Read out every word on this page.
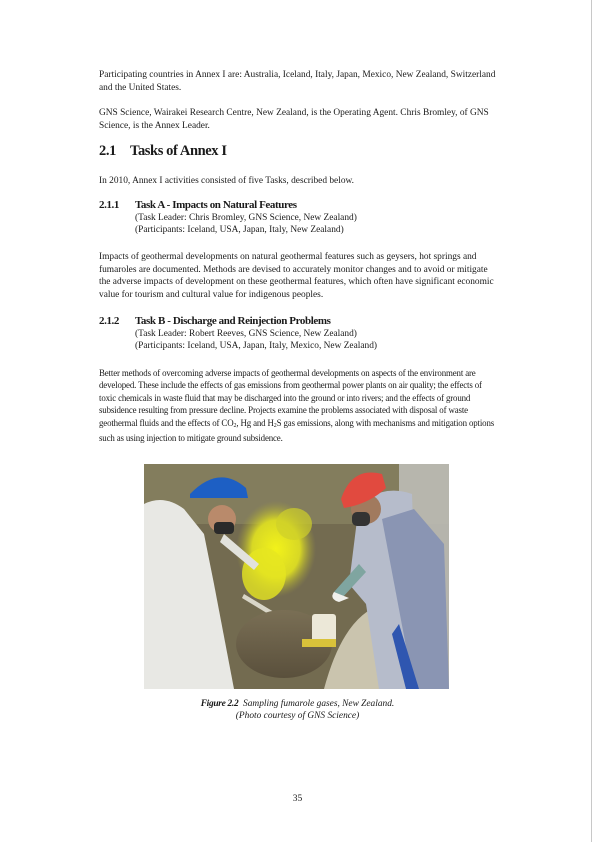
Participating countries in Annex I are: Australia, Iceland, Italy, Japan, Mexico, New Zealand, Switzerland and the United States.

GNS Science, Wairakei Research Centre, New Zealand, is the Operating Agent. Chris Bromley, of GNS Science, is the Annex Leader.

2.1 Tasks of Annex I

In 2010, Annex I activities consisted of five Tasks, described below.

2.1.1 Task A - Impacts on Natural Features

(Task Leader: Chris Bromley, GNS Science, New Zealand)

(Participants: Iceland, USA, Japan, Italy, New Zealand)

Impacts of geothermal developments on natural geothermal features such as geysers, hot springs and fumaroles are documented. Methods are devised to accurately monitor changes and to avoid or mitigate the adverse impacts of development on these geothermal features, which often have significant economic value for tourism and cultural value for indigenous peoples.

2.1.2 Task B - Discharge and Reinjection Problems

(Task Leader: Robert Reeves, GNS Science, New Zealand)

(Participants: Iceland, USA, Japan, Italy, Mexico, New Zealand)

Better methods of overcoming adverse impacts of geothermal developments on aspects of the environment are developed. These include the effects of gas emissions from geothermal power plants on air quality; the effects of toxic chemicals in waste fluid that may be discharged into the ground or into rivers; and the effects of ground subsidence resulting from pressure decline. Projects examine the problems associated with disposal of waste geothermal fluids and the effects of $CO_2$, Hg and $H_2S$ gas emissions, along with mechanisms and mitigation options such as using injection to mitigate ground subsidence.

Figure 2.2 Sampling fumarole gases, New Zealand.

(Photo courtesy of GNS Science)

35
